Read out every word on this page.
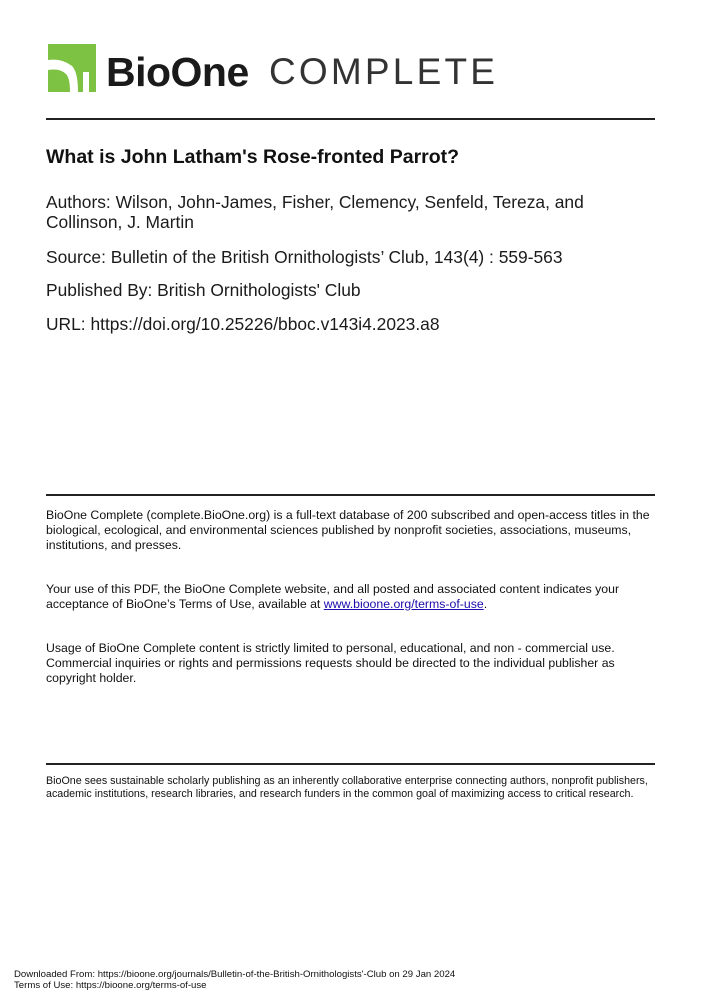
BioOne COMPLETE
What is John Latham's Rose-fronted Parrot?
Authors: Wilson, John-James, Fisher, Clemency, Senfeld, Tereza, and Collinson, J. Martin
Source: Bulletin of the British Ornithologists’ Club, 143(4) : 559-563
Published By: British Ornithologists' Club
URL: https://doi.org/10.25226/bboc.v143i4.2023.a8
BioOne Complete (complete.BioOne.org) is a full-text database of 200 subscribed and open-access titles in the biological, ecological, and environmental sciences published by nonprofit societies, associations, museums, institutions, and presses.
Your use of this PDF, the BioOne Complete website, and all posted and associated content indicates your acceptance of BioOne’s Terms of Use, available at www.bioone.org/terms-of-use.
Usage of BioOne Complete content is strictly limited to personal, educational, and non - commercial use. Commercial inquiries or rights and permissions requests should be directed to the individual publisher as copyright holder.
BioOne sees sustainable scholarly publishing as an inherently collaborative enterprise connecting authors, nonprofit publishers, academic institutions, research libraries, and research funders in the common goal of maximizing access to critical research.
Downloaded From: https://bioone.org/journals/Bulletin-of-the-British-Ornithologists'-Club on 29 Jan 2024
Terms of Use: https://bioone.org/terms-of-use
